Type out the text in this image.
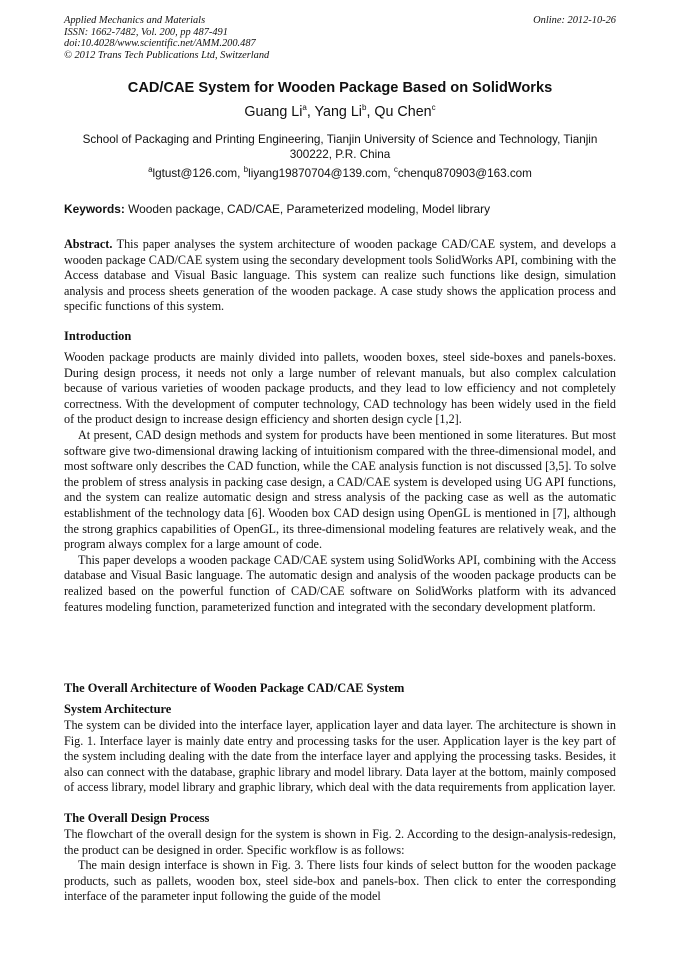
Applied Mechanics and Materials
ISSN: 1662-7482, Vol. 200, pp 487-491
doi:10.4028/www.scientific.net/AMM.200.487
© 2012 Trans Tech Publications Ltd, Switzerland
Online: 2012-10-26
CAD/CAE System for Wooden Package Based on SolidWorks
Guang Li$^a$, Yang Li$^b$, Qu Chen$^c$
School of Packaging and Printing Engineering, Tianjin University of Science and Technology, Tianjin 300222, P.R. China
$^a$lgtust@126.com, $^b$liyang19870704@139.com, $^c$chenqu870903@163.com
Keywords: Wooden package, CAD/CAE, Parameterized modeling, Model library

Abstract. This paper analyses the system architecture of wooden package CAD/CAE system, and develops a wooden package CAD/CAE system using the secondary development tools SolidWorks API, combining with the Access database and Visual Basic language. This system can realize such functions like design, simulation analysis and process sheets generation of the wooden package. A case study shows the application process and specific functions of this system.

Introduction

Wooden package products are mainly divided into pallets, wooden boxes, steel side-boxes and panels-boxes. During design process, it needs not only a large number of relevant manuals, but also complex calculation because of various varieties of wooden package products, and they lead to low efficiency and not completely correctness. With the development of computer technology, CAD technology has been widely used in the field of the product design to increase design efficiency and shorten design cycle [1,2].

At present, CAD design methods and system for products have been mentioned in some literatures. But most software give two-dimensional drawing lacking of intuitionism compared with the three-dimensional model, and most software only describes the CAD function, while the CAE analysis function is not discussed [3,5]. To solve the problem of stress analysis in packing case design, a CAD/CAE system is developed using UG API functions, and the system can realize automatic design and stress analysis of the packing case as well as the automatic establishment of the technology data [6]. Wooden box CAD design using OpenGL is mentioned in [7], although the strong graphics capabilities of OpenGL, its three-dimensional modeling features are relatively weak, and the program always complex for a large amount of code.

This paper develops a wooden package CAD/CAE system using SolidWorks API, combining with the Access database and Visual Basic language. The automatic design and analysis of the wooden package products can be realized based on the powerful function of CAD/CAE software on SolidWorks platform with its advanced features modeling function, parameterized function and integrated with the secondary development platform.

The Overall Architecture of Wooden Package CAD/CAE System
System Architecture

The system can be divided into the interface layer, application layer and data layer. The architecture is shown in Fig. 1. Interface layer is mainly date entry and processing tasks for the user. Application layer is the key part of the system including dealing with the date from the interface layer and applying the processing tasks. Besides, it also can connect with the database, graphic library and model library. Data layer at the bottom, mainly composed of access library, model library and graphic library, which deal with the data requirements from application layer.

The Overall Design Process

The flowchart of the overall design for the system is shown in Fig. 2. According to the design-analysis-redesign, the product can be designed in order. Specific workflow is as follows:

The main design interface is shown in Fig. 3. There lists four kinds of select button for the wooden package products, such as pallets, wooden box, steel side-box and panels-box. Then click to enter the corresponding interface of the parameter input following the guide of the model
